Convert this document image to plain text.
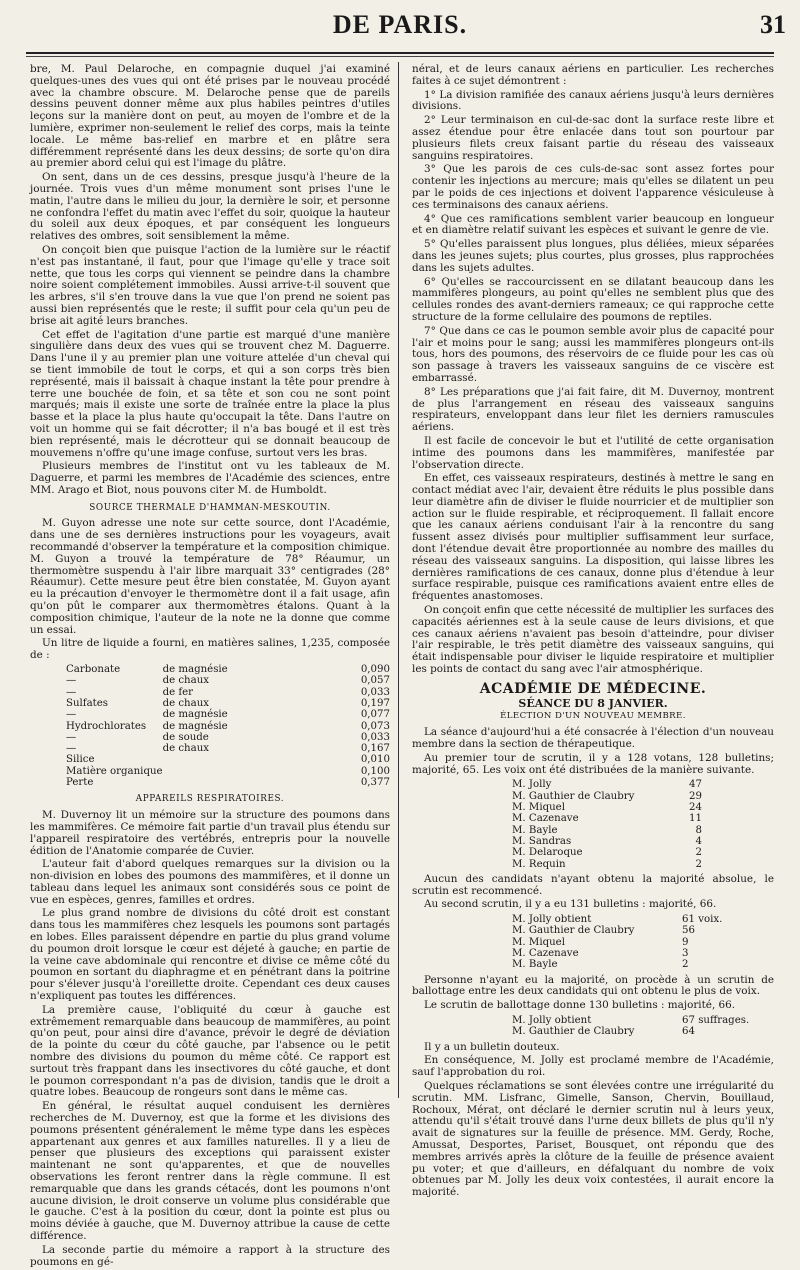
DE PARIS.	31

bre, M. Paul Delaroche, en compagnie duquel j'ai examiné quelques-unes des vues qui ont été prises par le nouveau procédé avec la chambre obscure. M. Delaroche pense que de pareils dessins peuvent donner même aux plus habiles peintres d'utiles leçons sur la manière dont on peut, au moyen de l'ombre et de la lumière, exprimer non-seulement le relief des corps, mais la teinte locale. Le même bas-relief en marbre et en plâtre sera différemment représenté dans les deux dessins; de sorte qu'on dira au premier abord celui qui est l'image du plâtre.

On sent, dans un de ces dessins, presque jusqu'à l'heure de la journée. Trois vues d'un même monument sont prises l'une le matin, l'autre dans le milieu du jour, la dernière le soir, et personne ne confondra l'effet du matin avec l'effet du soir, quoique la hauteur du soleil aux deux époques, et par conséquent les longueurs relatives des ombres, soit sensiblement la même.

On conçoit bien que puisque l'action de la lumière sur le réactif n'est pas instantané, il faut, pour que l'image qu'elle y trace soit nette, que tous les corps qui viennent se peindre dans la chambre noire soient complétement immobiles. Aussi arrive-t-il souvent que les arbres, s'il s'en trouve dans la vue que l'on prend ne soient pas aussi bien représentés que le reste; il suffit pour cela qu'un peu de brise ait agité leurs branches.

Cet effet de l'agitation d'une partie est marqué d'une manière singulière dans deux des vues qui se trouvent chez M. Daguerre. Dans l'une il y au premier plan une voiture attelée d'un cheval qui se tient immobile de tout le corps, et qui a son corps très bien représenté, mais il baissait à chaque instant la tête pour prendre à terre une bouchée de foin, et sa tête et son cou ne sont point marqués; mais il existe une sorte de traînée entre la place la plus basse et la place la plus haute qu'occupait la tête. Dans l'autre on voit un homme qui se fait décrotter; il n'a bas bougé et il est très bien représenté, mais le décrotteur qui se donnait beaucoup de mouvemens n'offre qu'une image confuse, surtout vers les bras.

Plusieurs membres de l'institut ont vu les tableaux de M. Daguerre, et parmi les membres de l'Académie des sciences, entre MM. Arago et Biot, nous pouvons citer M. de Humboldt.

SOURCE THERMALE D'HAMMAN-MESKOUTIN.

M. Guyon adresse une note sur cette source, dont l'Académie, dans une de ses dernières instructions pour les voyageurs, avait recommandé d'observer la température et la composition chimique. M. Guyon a trouvé la température de 78° Réaumur, un thermomètre suspendu à l'air libre marquait 33° centigrades (28° Réaumur). Cette mesure peut être bien constatée, M. Guyon ayant eu la précaution d'envoyer le thermomètre dont il a fait usage, afin qu'on pût le comparer aux thermomètres étalons. Quant à la composition chimique, l'auteur de la note ne la donne que comme un essai.

Un litre de liquide a fourni, en matières salines, 1,235, composée de :

Carbonate	de magnésie	0,090
—	de chaux	0,057
—	de fer	0,033
Sulfates	de chaux	0,197
—	de magnésie	0,077
Hydrochlorates	de magnésie	0,073
—	de soude	0,033
—	de chaux	0,167
Silice		0,010
Matière organique		0,100
Perte		0,377
APPAREILS RESPIRATOIRES.

M. Duvernoy lit un mémoire sur la structure des poumons dans les mammifères. Ce mémoire fait partie d'un travail plus étendu sur l'appareil respiratoire des vertébrés, entrepris pour la nouvelle édition de l'Anatomie comparée de Cuvier.

L'auteur fait d'abord quelques remarques sur la division ou la non-division en lobes des poumons des mammifères, et il donne un tableau dans lequel les animaux sont considérés sous ce point de vue en espèces, genres, familles et ordres.

Le plus grand nombre de divisions du côté droit est constant dans tous les mammifères chez lesquels les poumons sont partagés en lobes. Elles paraissent dépendre en partie du plus grand volume du poumon droit lorsque le cœur est déjeté à gauche; en partie de la veine cave abdominale qui rencontre et divise ce même côté du poumon en sortant du diaphragme et en pénétrant dans la poitrine pour s'élever jusqu'à l'oreillette droite. Cependant ces deux causes n'expliquent pas toutes les différences.

La première cause, l'obliquité du cœur à gauche est extrêmement remarquable dans beaucoup de mammifères, au point qu'on peut, pour ainsi dire d'avance, prévoir le degré de déviation de la pointe du cœur du côté gauche, par l'absence ou le petit nombre des divisions du poumon du même côté. Ce rapport est surtout très frappant dans les insectivores du côté gauche, et dont le poumon correspondant n'a pas de division, tandis que le droit a quatre lobes. Beaucoup de rongeurs sont dans le même cas.

En général, le résultat auquel conduisent les dernières recherches de M. Duvernoy, est que la forme et les divisions des poumons présentent généralement le même type dans les espèces appartenant aux genres et aux familles naturelles. Il y a lieu de penser que plusieurs des exceptions qui paraissent exister maintenant ne sont qu'apparentes, et que de nouvelles observations les feront rentrer dans la règle commune. Il est remarquable que dans les grands cétacés, dont les poumons n'ont aucune division, le droit conserve un volume plus considérable que le gauche. C'est à la position du cœur, dont la pointe est plus ou moins déviée à gauche, que M. Duvernoy attribue la cause de cette différence.

La seconde partie du mémoire a rapport à la structure des poumons en gé-

néral, et de leurs canaux aériens en particulier. Les recherches faites à ce sujet démontrent :

1° La division ramifiée des canaux aériens jusqu'à leurs dernières divisions.

2° Leur terminaison en cul-de-sac dont la surface reste libre et assez étendue pour être enlacée dans tout son pourtour par plusieurs filets creux faisant partie du réseau des vaisseaux sanguins respiratoires.

3° Que les parois de ces culs-de-sac sont assez fortes pour contenir les injections au mercure; mais qu'elles se dilatent un peu par le poids de ces injections et doivent l'apparence vésiculeuse à ces terminaisons des canaux aériens.

4° Que ces ramifications semblent varier beaucoup en longueur et en diamètre relatif suivant les espèces et suivant le genre de vie.

5° Qu'elles paraissent plus longues, plus déliées, mieux séparées dans les jeunes sujets; plus courtes, plus grosses, plus rapprochées dans les sujets adultes.

6° Qu'elles se raccourcissent en se dilatant beaucoup dans les mammifères plongeurs, au point qu'elles ne semblent plus que des cellules rondes des avant-derniers rameaux; ce qui rapproche cette structure de la forme cellulaire des poumons de reptiles.

7° Que dans ce cas le poumon semble avoir plus de capacité pour l'air et moins pour le sang; aussi les mammifères plongeurs ont-ils tous, hors des poumons, des réservoirs de ce fluide pour les cas où son passage à travers les vaisseaux sanguins de ce viscère est embarrassé.

8° Les préparations que j'ai fait faire, dit M. Duvernoy, montrent de plus l'arrangement en réseau des vaisseaux sanguins respirateurs, enveloppant dans leur filet les derniers ramuscules aériens.

Il est facile de concevoir le but et l'utilité de cette organisation intime des poumons dans les mammifères, manifestée par l'observation directe.

En effet, ces vaisseaux respirateurs, destinés à mettre le sang en contact médiat avec l'air, devaient être réduits le plus possible dans leur diamètre afin de diviser le fluide nourricier et de multiplier son action sur le fluide respirable, et réciproquement. Il fallait encore que les canaux aériens conduisant l'air à la rencontre du sang fussent assez divisés pour multiplier suffisamment leur surface, dont l'étendue devait être proportionnée au nombre des mailles du réseau des vaisseaux sanguins. La disposition, qui laisse libres les dernières ramifications de ces canaux, donne plus d'étendue à leur surface respirable, puisque ces ramifications avaient entre elles de fréquentes anastomoses.

On conçoit enfin que cette nécessité de multiplier les surfaces des capacités aériennes est à la seule cause de leurs divisions, et que ces canaux aériens n'avaient pas besoin d'atteindre, pour diviser l'air respirable, le très petit diamètre des vaisseaux sanguins, qui était indispensable pour diviser le liquide respiratoire et multiplier les points de contact du sang avec l'air atmosphérique.

ACADÉMIE DE MÉDECINE.
SÉANCE DU 8 JANVIER.
ÉLECTION D'UN NOUVEAU MEMBRE.

La séance d'aujourd'hui a été consacrée à l'élection d'un nouveau membre dans la section de thérapeutique.

Au premier tour de scrutin, il y a 128 votans, 128 bulletins; majorité, 65. Les voix ont été distribuées de la manière suivante.

M. Jolly	47
M. Gauthier de Claubry	29
M. Miquel	24
M. Cazenave	11
M. Bayle	8
M. Sandras	4
M. Delaroque	2
M. Requin	2

Aucun des candidats n'ayant obtenu la majorité absolue, le scrutin est recommencé.

Au second scrutin, il y a eu 131 bulletins : majorité, 66.

M. Jolly obtient	61 voix.
M. Gauthier de Claubry	56
M. Miquel	9
M. Cazenave	3
M. Bayle	2

Personne n'ayant eu la majorité, on procède à un scrutin de ballottage entre les deux candidats qui ont obtenu le plus de voix.

Le scrutin de ballottage donne 130 bulletins : majorité, 66.

M. Jolly obtient	67 suffrages.
M. Gauthier de Claubry	64

Il y a un bulletin douteux.

En conséquence, M. Jolly est proclamé membre de l'Académie, sauf l'approbation du roi.

Quelques réclamations se sont élevées contre une irrégularité du scrutin. MM. Lisfranc, Gimelle, Sanson, Chervin, Bouillaud, Rochoux, Mérat, ont déclaré le dernier scrutin nul à leurs yeux, attendu qu'il s'était trouvé dans l'urne deux billets de plus qu'il n'y avait de signatures sur la feuille de présence. MM. Gerdy, Roche, Amussat, Desportes, Pariset, Bousquet, ont répondu que des membres arrivés après la clôture de la feuille de présence avaient pu voter; et que d'ailleurs, en défalquant du nombre de voix obtenues par M. Jolly les deux voix contestées, il aurait encore la majorité.
